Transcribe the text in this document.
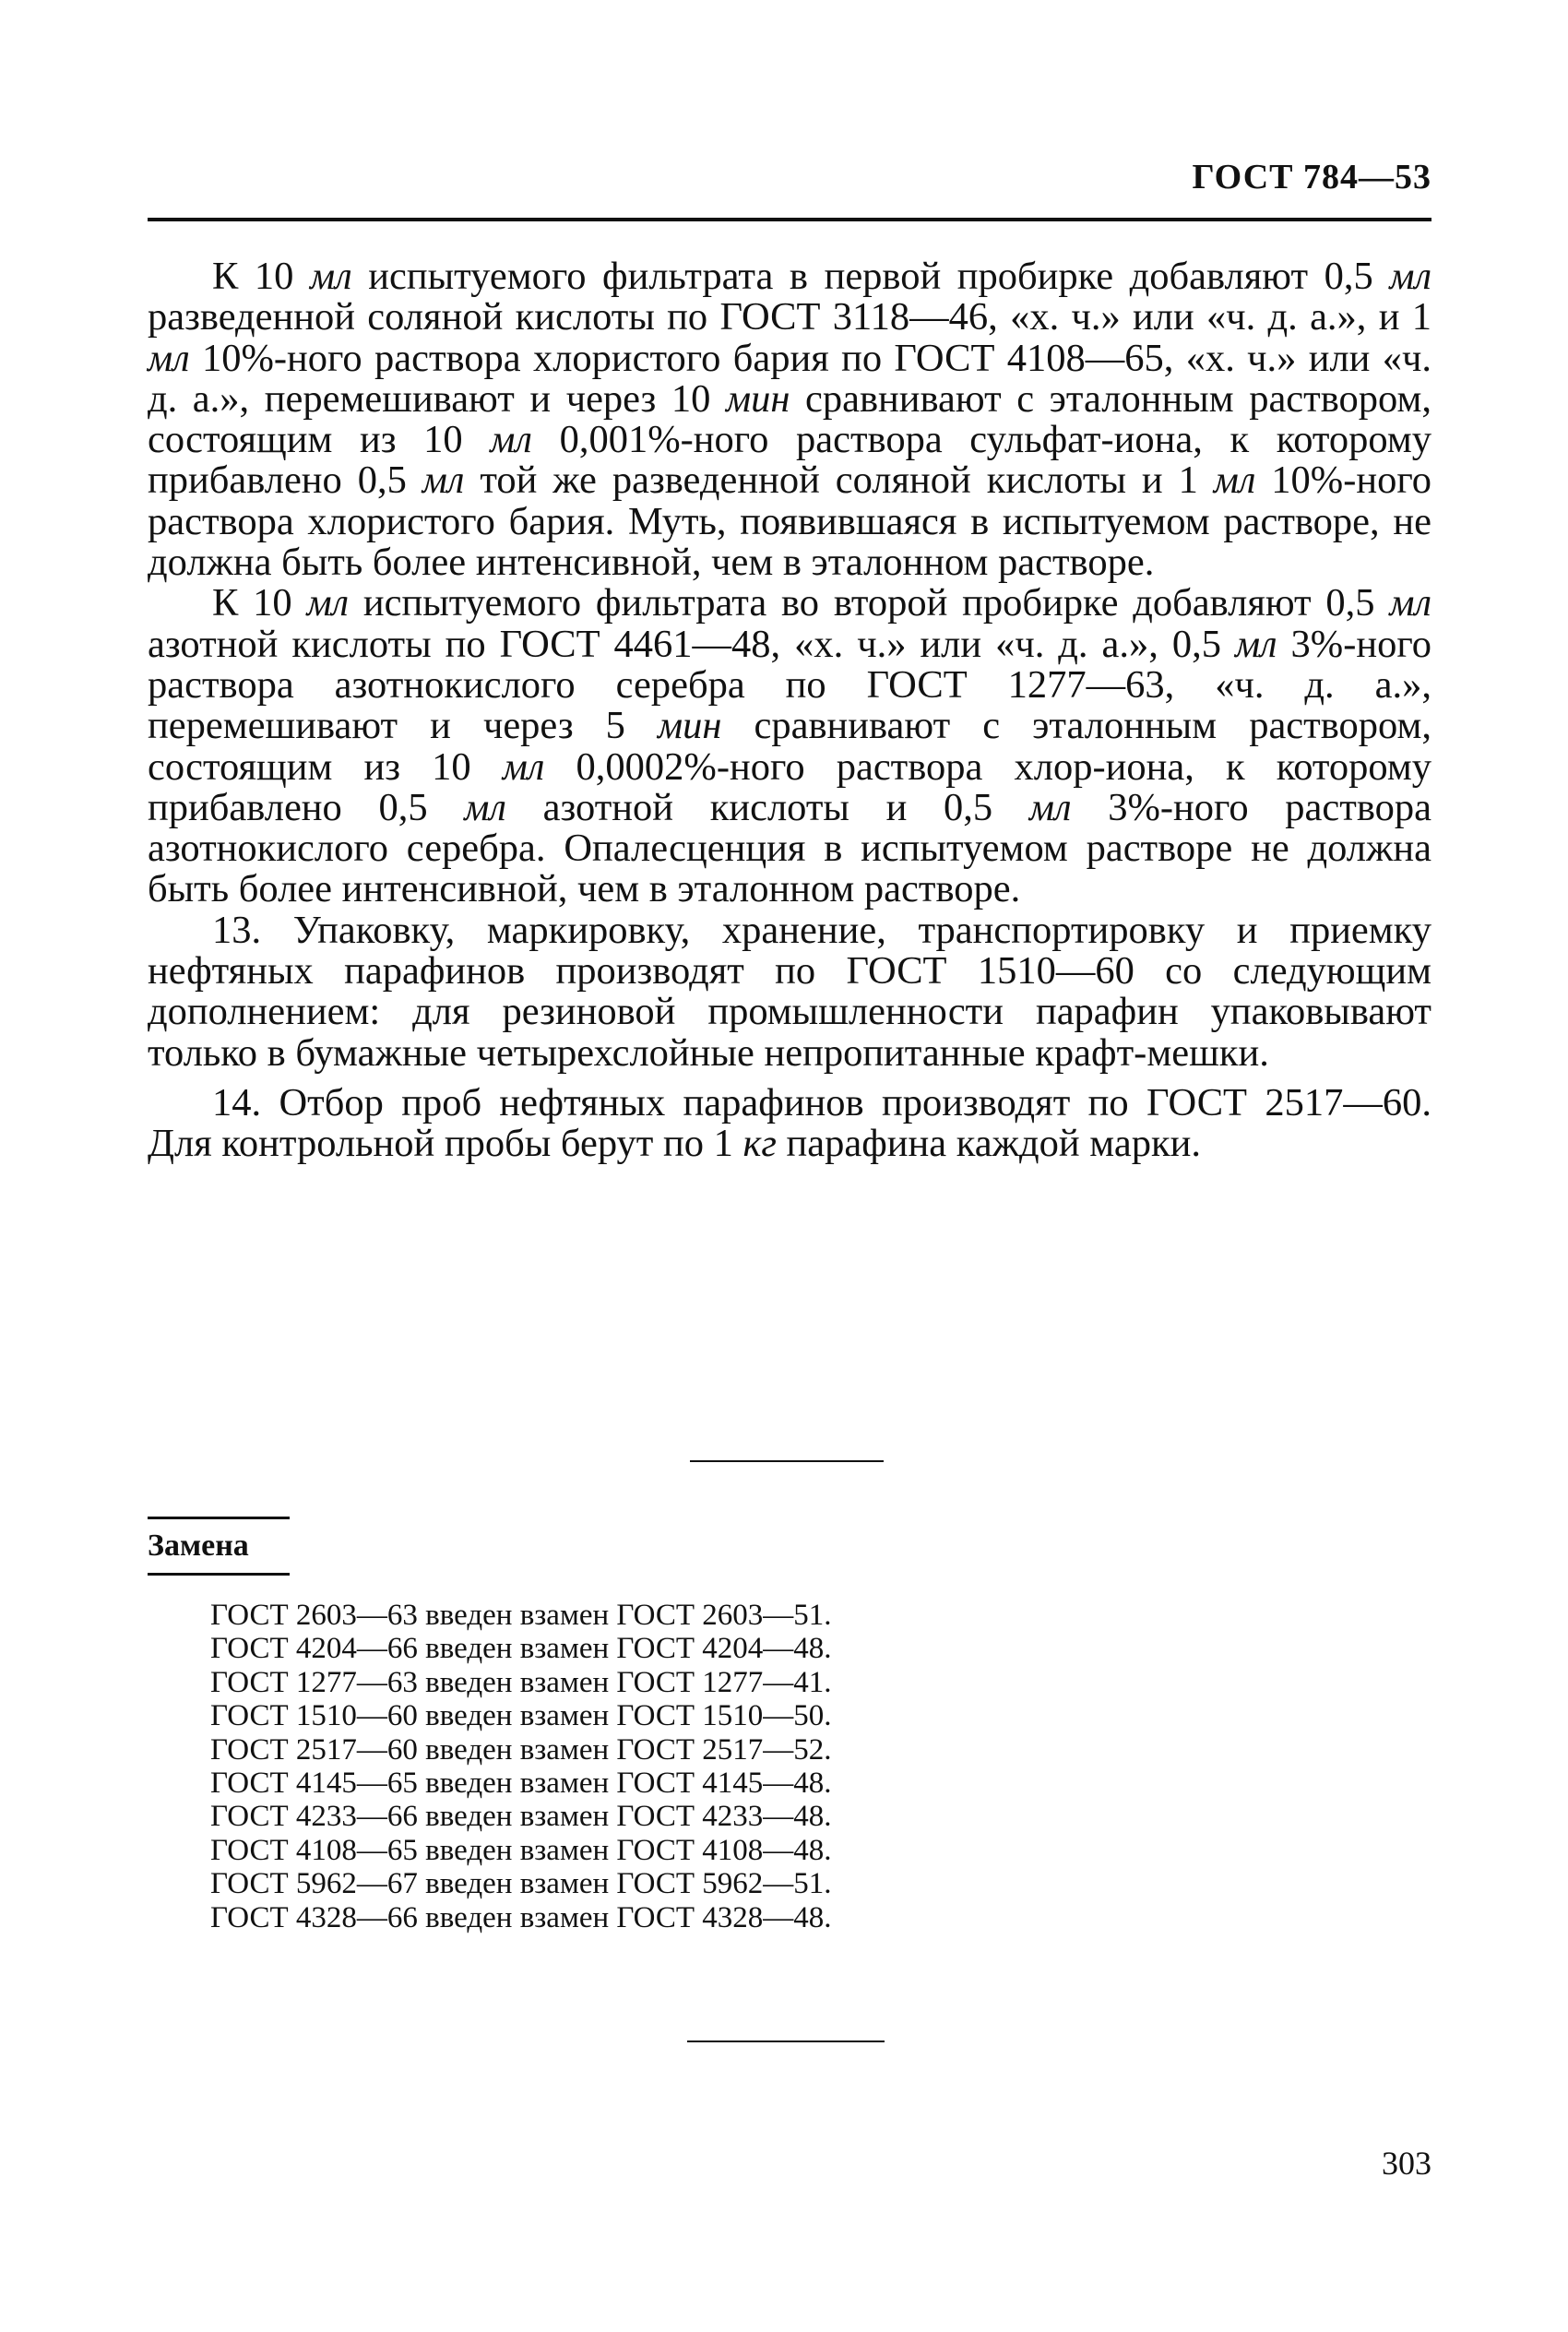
ГОСТ 784—53

К 10 мл испытуемого фильтрата в первой пробирке добавляют 0,5 мл разведенной соляной кислоты по ГОСТ 3118—46, «х. ч.» или «ч. д. а.», и 1 мл 10%-ного раствора хлористого бария по ГОСТ 4108—65, «х. ч.» или «ч. д. а.», перемешивают и через 10 мин сравнивают с эталонным раствором, состоящим из 10 мл 0,001%-ного раствора сульфат-иона, к которому прибавлено 0,5 мл той же разведенной соляной кислоты и 1 мл 10%-ного раствора хлористого бария. Муть, появившаяся в испытуемом растворе, не должна быть более интенсивной, чем в эталонном растворе.

К 10 мл испытуемого фильтрата во второй пробирке добавляют 0,5 мл азотной кислоты по ГОСТ 4461—48, «х. ч.» или «ч. д. а.», 0,5 мл 3%-ного раствора азотнокислого серебра по ГОСТ 1277—63, «ч. д. а.», перемешивают и через 5 мин сравнивают с эталонным раствором, состоящим из 10 мл 0,0002%-ного раствора хлор-иона, к которому прибавлено 0,5 мл азотной кислоты и 0,5 мл 3%-ного раствора азотнокислого серебра. Опалесценция в испытуемом растворе не должна быть более интенсивной, чем в эталонном растворе.

13. Упаковку, маркировку, хранение, транспортировку и приемку нефтяных парафинов производят по ГОСТ 1510—60 со следующим дополнением: для резиновой промышленности парафин упаковывают только в бумажные четырехслойные непропитанные крафт-мешки.

14. Отбор проб нефтяных парафинов производят по ГОСТ 2517—60. Для контрольной пробы берут по 1 кг парафина каждой марки.

Замена
ГОСТ 2603—63 введен взамен ГОСТ 2603—51.
ГОСТ 4204—66 введен взамен ГОСТ 4204—48.
ГОСТ 1277—63 введен взамен ГОСТ 1277—41.
ГОСТ 1510—60 введен взамен ГОСТ 1510—50.
ГОСТ 2517—60 введен взамен ГОСТ 2517—52.
ГОСТ 4145—65 введен взамен ГОСТ 4145—48.
ГОСТ 4233—66 введен взамен ГОСТ 4233—48.
ГОСТ 4108—65 введен взамен ГОСТ 4108—48.
ГОСТ 5962—67 введен взамен ГОСТ 5962—51.
ГОСТ 4328—66 введен взамен ГОСТ 4328—48.
303
